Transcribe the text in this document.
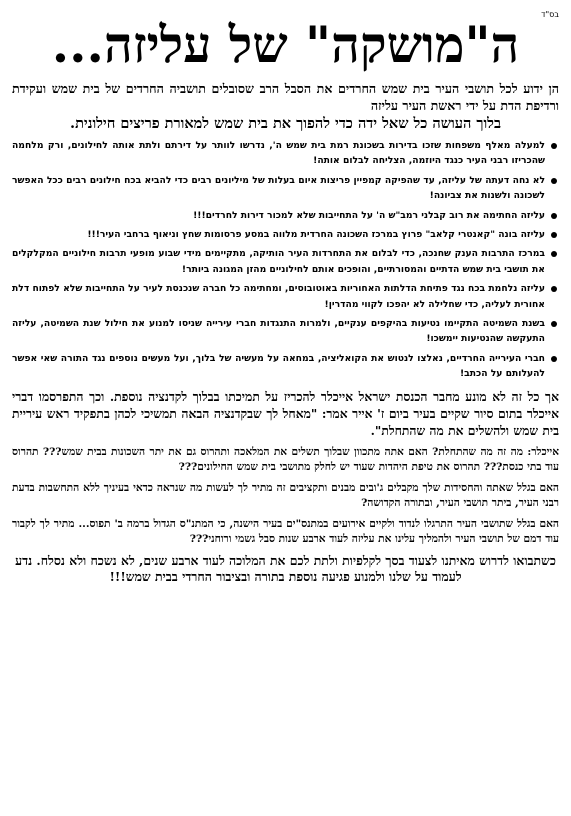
בס"ד
ה"מושקה" של עליזה...

הן ידוע לכל תושבי העיר בית שמש החרדים את הסבל הרב שסובלים תושביה החרדים של בית שמש ועקידת ורדיפת הדת על ידי ראשת העיר עליזה

בלוך העושה כל שאל ידה כדי להפוך את בית שמש למאורת פריצים חילונית.

למעלה מאלף משפחות שזכו בדירות בשכונת רמת בית שמש ה', נדרשו לוותר על דירתם ולתת אותה לחילונים, ורק מלחמה שהכריזו רבני העיר כנגד היוזמה, הצליחה לבלום אותה!
לא נחה דעתה של עליזה, עד שהפיקה קמפיין פריצות איום בעלות של מיליונים רבים כדי להביא בכח חילונים רבים ככל האפשר לשכונה ולשנות את צביונה!
עליזה החתימה את רוב קבלני רמב"ש ה' על התחייבות שלא למכור דירות לחרדים!!!
עליזה בונה "קאנטרי קלאב" פרוץ במרכז השכונה החרדית מלווה במסע פרסומות שחץ וניאוף ברחבי העיר!!!
במרכז התרבות הענק שחנכה, כדי לבלום את התחרדות העיר הותיקה, מתקיימים מידי שבוע מופעי תרבות חילוניים המקלקלים את תושבי בית שמש הדתיים והמסורתיים, והופכים אותם לחילוניים מהזן המגונה ביותר!
עליזה נלחמת בכח נגד פתיחת הדלתות האחוריות באוטובוסים, ומחתימה כל חברה שנכנסת לעיר על התחייבות שלא לפתוח דלת אחורית לעליה, כדי שחלילה לא יהפכו לקווי מהדרין!
בשנת השמיטה התקיימו נטיעות בהיקפים ענקיים, ולמרות התנגדות חברי עירייה שניסו למנוע את חילול שנת השמיטה, עליזה התעקשה שהנטיעות יימשכו!
חברי העירייה החרדיים, נאלצו לנטוש את הקואליציה, במחאה על מעשיה של בלוך, ועל מעשים נוספים נגד התורה שאי אפשר להעלותם על הכתב!

אך כל זה לא מונע מחבר הכנסת ישראל אייכלר להכריז על תמיכתו בבלוך לקדנציה נוספת. וכך התפרסמו דברי אייכלר בתום סיור שקיים בעיר ביום ז' אייר אמר: "מאחל לך שבקדנציה הבאה תמשיכי לכהן בתפקיד ראש עיריית בית שמש ולהשלים את מה שהתחלת".

אייכלר: מה זה מה שהתחלת? האם אתה מתכוון שבלוך תשלים את המלאכה ותהרוס גם את יתר השכונות בבית שמש??? תהרוס עוד בתי כנסת??? תהרוס את טיפת היהדות שעוד יש לחלק מתושבי בית שמש החילונים???

האם בגלל שאתה והחסידות שלך מקבלים ג'ובים מבנים ותקציבים זה מתיר לך לעשות מה שנראה כדאי בעיניך ללא התחשבות בדעת רבני העיר, ביתר תושבי העיר, ובתורה הקדושה?

האם בגלל שתושבי העיר התרגלו לנדוד ולקיים אירועים במתנס"ים בעיר הישנה, כי המתנ"ס הגדול ברמה ב' תפוס... מתיר לך לקבור עוד דמם של תושבי העיר ולהמליך עלינו את עליזה לעוד ארבע שנות סבל גשמי ורוחני???

כשתבואו לדרוש מאיתנו לצעוד בסך לקלפיות ולתת לכם את המלוכה לעוד ארבע שנים, לא נשכח ולא נסלח. נדע לעמוד על שלנו ולמנוע פגיעה נוספת בתורה ובציבור החרדי בבית שמש!!!
